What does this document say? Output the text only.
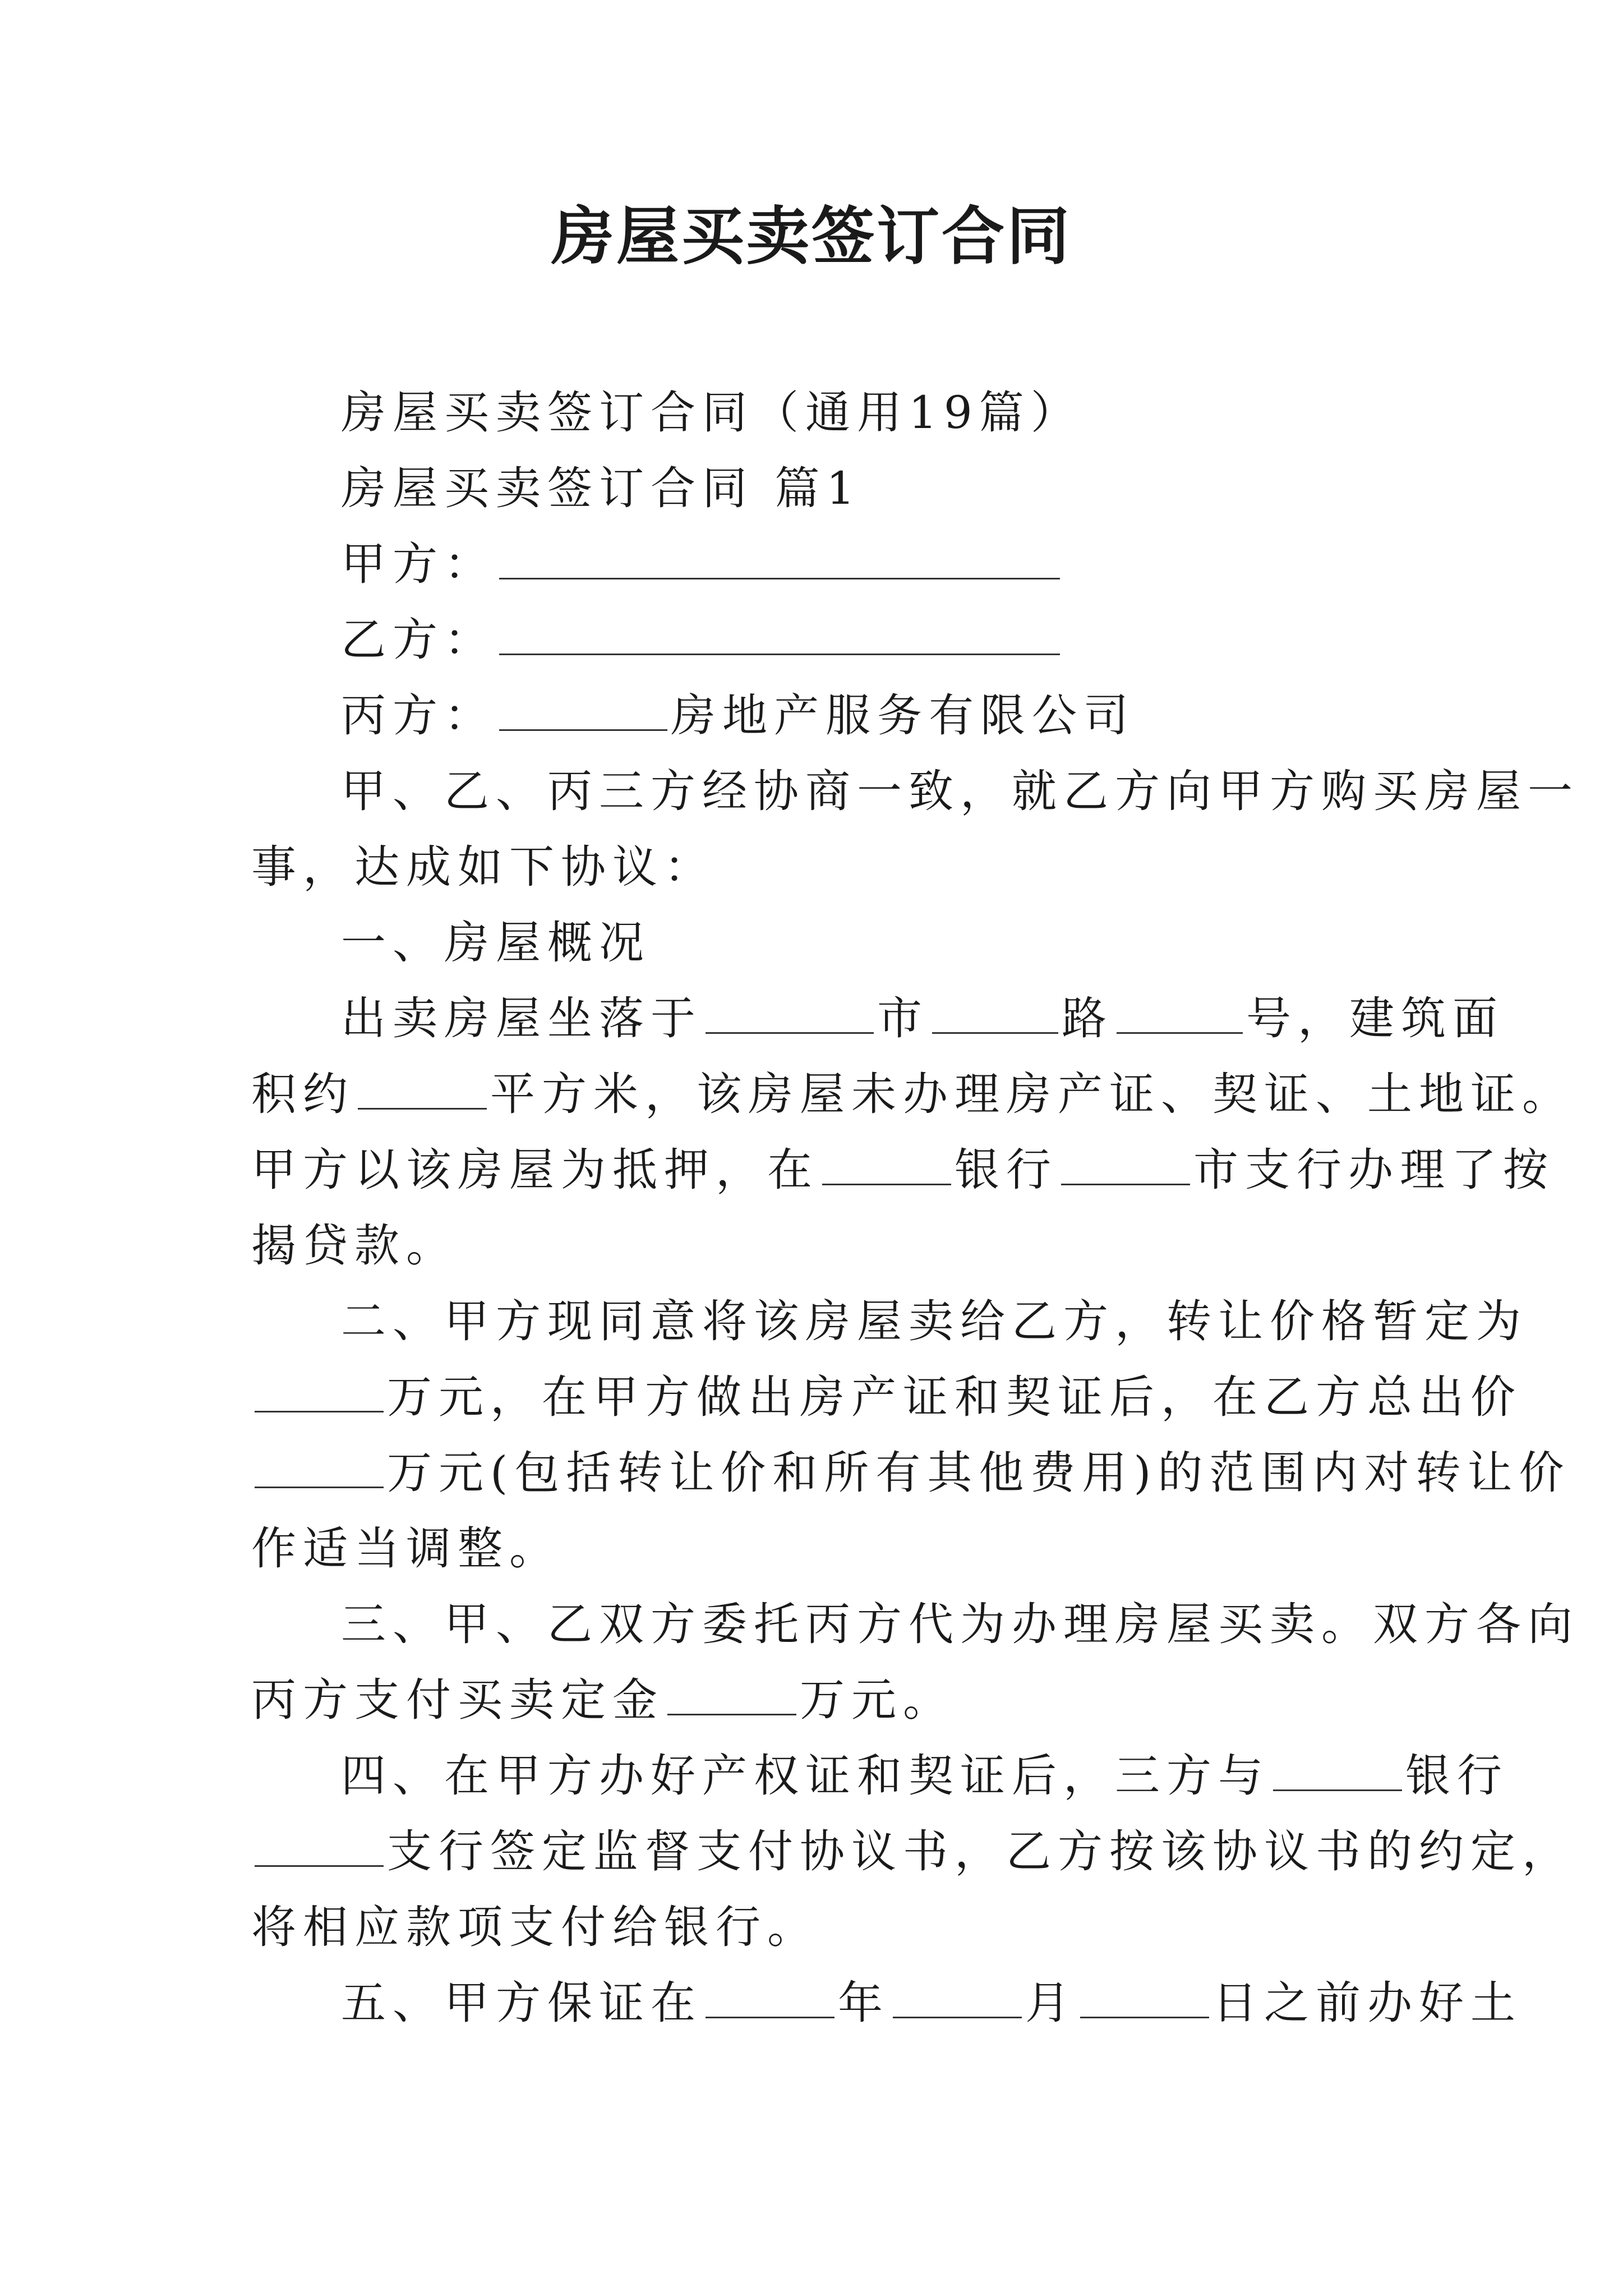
房屋买卖签订合同

房屋买卖签订合同（通用19篇）

房屋买卖签订合同 篇1

甲方：

乙方：

丙方：	房地产服务有限公司

甲、乙、丙三方经协商一致，就乙方向甲方购买房屋一

事，达成如下协议：

一、房屋概况

出卖房屋坐落于	市	路	号，建筑面

积约	平方米，该房屋未办理房产证、契证、土地证。

甲方以该房屋为抵押，在	银行	市支行办理了按

揭贷款。

二、甲方现同意将该房屋卖给乙方，转让价格暂定为

万元，在甲方做出房产证和契证后，在乙方总出价

万元(包括转让价和所有其他费用)的范围内对转让价

作适当调整。

三、甲、乙双方委托丙方代为办理房屋买卖。双方各向

丙方支付买卖定金	万元。

四、在甲方办好产权证和契证后，三方与	银行

支行签定监督支付协议书，乙方按该协议书的约定，

将相应款项支付给银行。

五、甲方保证在	年	月	日之前办好土
